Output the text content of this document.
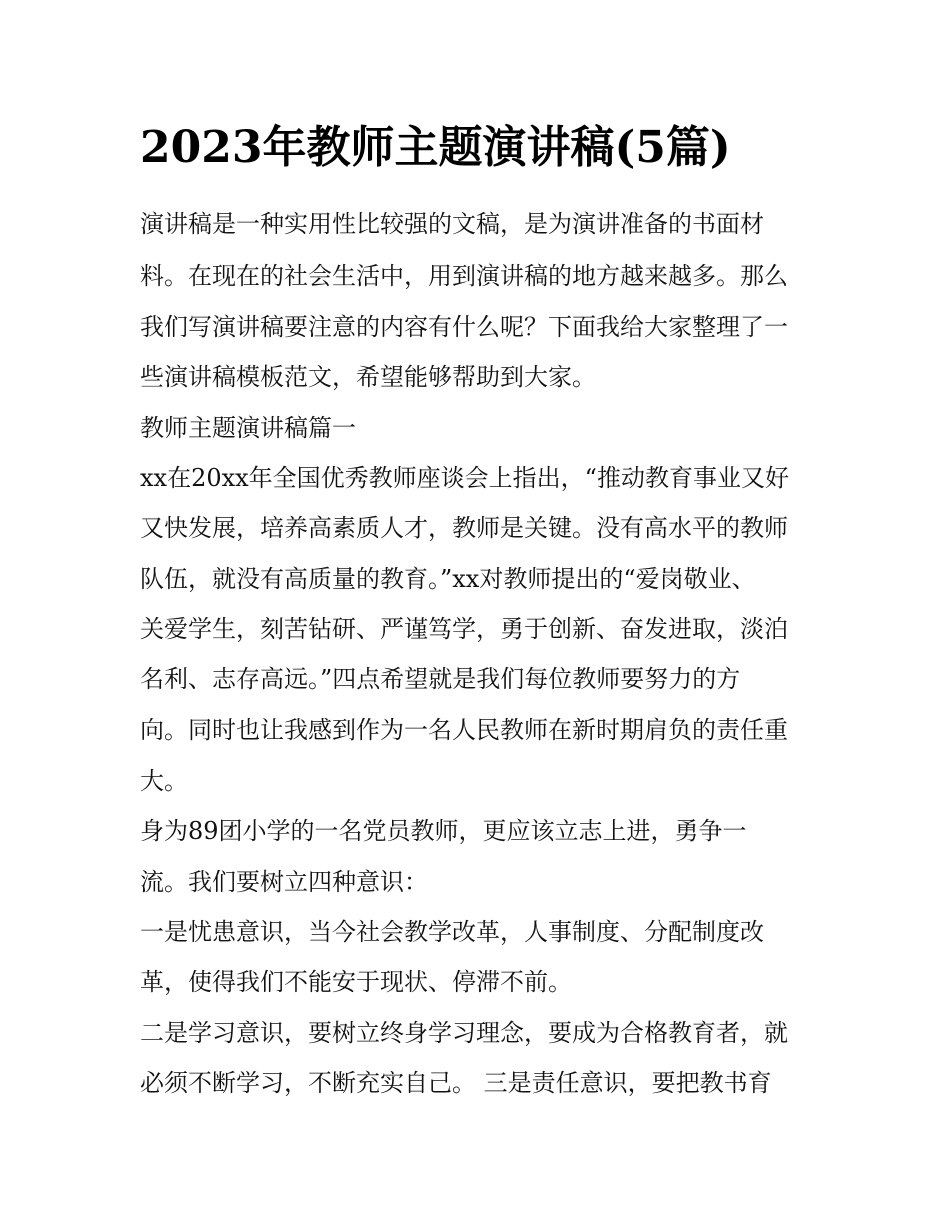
2023年教师主题演讲稿(5篇)
演讲稿是一种实用性比较强的文稿，是为演讲准备的书面材
料。在现在的社会生活中，用到演讲稿的地方越来越多。那么
我们写演讲稿要注意的内容有什么呢？下面我给大家整理了一
些演讲稿模板范文，希望能够帮助到大家。
教师主题演讲稿篇一
xx在20xx年全国优秀教师座谈会上指出，“推动教育事业又好
又快发展，培养高素质人才，教师是关键。没有高水平的教师
队伍，就没有高质量的教育。”xx对教师提出的“爱岗敬业、
关爱学生，刻苦钻研、严谨笃学，勇于创新、奋发进取，淡泊
名利、志存高远。”四点希望就是我们每位教师要努力的方
向。同时也让我感到作为一名人民教师在新时期肩负的责任重
大。
身为89团小学的一名党员教师，更应该立志上进，勇争一
流。我们要树立四种意识：
一是忧患意识，当今社会教学改革，人事制度、分配制度改
革，使得我们不能安于现状、停滞不前。
二是学习意识，要树立终身学习理念，要成为合格教育者，就
必须不断学习，不断充实自己。 三是责任意识，要把教书育
